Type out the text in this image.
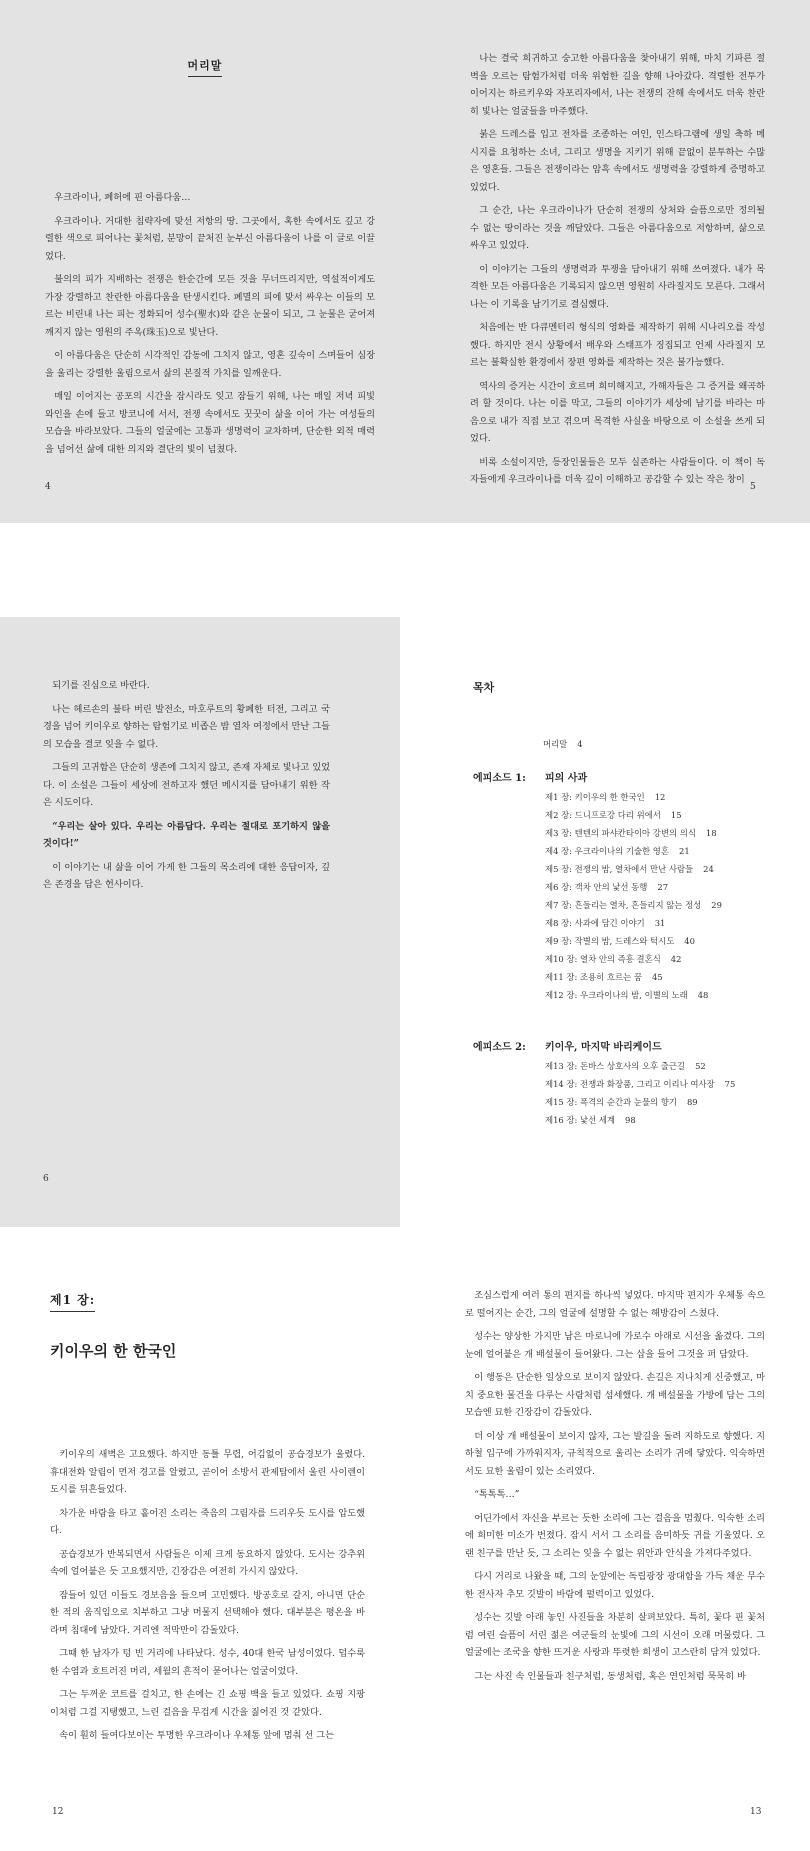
머리말

우크라이나, 폐허에 핀 아름다움…

우크라이나. 거대한 침략자에 맞선 저항의 땅. 그곳에서, 혹한 속에서도 깊고 강렬한 색으로 피어나는 꽃처럼, 분망이 끝처진 눈부신 아름다움이 나를 이 글로 이끌었다.

불의의 피가 지배하는 전쟁은 한순간에 모든 것을 무너뜨리지만, 역설적이게도 가장 강렬하고 찬란한 아름다움을 탄생시킨다. 폐멸의 피에 맞서 싸우는 이들의 모르는 비린내 나는 피는 정화되어 성수(聖水)와 같은 눈물이 되고, 그 눈물은 굳어져 깨지지 않는 영원의 주옥(珠玉)으로 빛난다.

이 아름다움은 단순히 시각적인 감동에 그치지 않고, 영혼 깊숙이 스며들어 심장을 울리는 강렬한 울림으로서 삶의 본질적 가치를 일깨운다.

매일 이어지는 공포의 시간을 잠시라도 잊고 잠들기 위해, 나는 매일 저녁 피빛 와인을 손에 들고 방코니에 서서, 전쟁 속에서도 꿋꿋이 삶을 이어 가는 여성들의 모습을 바라보았다. 그들의 얼굴에는 고통과 생명력이 교차하며, 단순한 외적 매력을 넘어선 삶에 대한 의지와 결단의 빛이 넘쳤다.

4

나는 결국 희귀하고 숭고한 아름다움을 찾아내기 위해, 마치 기파른 절벽을 오르는 탐험가처럼 더욱 위험한 길을 향해 나아갔다. 격렬한 전투가 이어지는 하르키우와 자포리자에서, 나는 전쟁의 잔해 속에서도 더욱 찬란히 빛나는 얼굴들을 마주했다.

붉은 드레스를 입고 전차를 조종하는 여인, 인스타그램에 생일 축하 메시지를 요청하는 소녀, 그리고 생명을 지키기 위해 끝없이 분투하는 수많은 영혼들. 그들은 전쟁이라는 암흑 속에서도 생명력을 강렬하게 증명하고 있었다.

그 순간, 나는 우크라이나가 단순히 전쟁의 상처와 슬픔으로만 정의될 수 없는 땅이라는 것을 깨달았다. 그들은 아름다움으로 저항하며, 삶으로 싸우고 있었다.

이 이야기는 그들의 생명력과 투쟁을 담아내기 위해 쓰여졌다. 내가 목격한 모든 아름다움은 기록되지 않으면 영원히 사라질지도 모른다. 그래서 나는 이 기록을 남기기로 결심했다.

처음에는 반 다큐멘터리 형식의 영화를 제작하기 위해 시나리오를 작성했다. 하지만 전시 상황에서 배우와 스태프가 징집되고 언제 사라질지 모르는 불확실한 환경에서 장편 영화를 제작하는 것은 불가능했다.

역사의 증거는 시간이 흐르며 희미해지고, 가해자들은 그 증거를 왜곡하려 할 것이다. 나는 이를 막고, 그들의 이야기가 세상에 남기를 바라는 마음으로 내가 직접 보고 겪으며 목격한 사실을 바탕으로 이 소설을 쓰게 되었다.

비록 소설이지만, 등장인물들은 모두 실존하는 사람들이다. 이 책이 독자들에게 우크라이나를 더욱 깊이 이해하고 공감할 수 있는 작은 창이

5

되기를 진심으로 바란다.

나는 헤르손의 불타 버린 발전소, 마호루트의 황폐한 터전, 그리고 국경을 넘어 키이우로 향하는 탐험기로 비좁은 밤 열차 여정에서 만난 그들의 모습을 결코 잊을 수 없다.

그들의 고귀함은 단순히 생존에 그치지 않고, 존재 자체로 빛나고 있었다. 이 소설은 그들이 세상에 전하고자 했던 메시지를 담아내기 위한 작은 시도이다.

“우리는 살아 있다. 우리는 아름답다. 우리는 절대로 포기하지 않을 것이다!”

이 이야기는 내 삶을 이어 가게 한 그들의 목소리에 대한 응답이자, 깊은 존경을 담은 헌사이다.

6
목차
머리말 4
에피소드 1:	피의 사과
제1 장: 키이우의 한 한국인 12
제2 장: 드니프로강 다리 위에서 15
제3 장: 텐텐의 파샤칸타이아 강변의 의식 18
제4 장: 우크라이나의 기술한 영혼 21
제5 장: 전쟁의 밤, 열차에서 만난 사람들 24
제6 장: 객차 안의 낯선 동행 27
제7 장: 흔들리는 열차, 흔들리지 않는 정성 29
제8 장: 사과에 담긴 이야기 31
제9 장: 작별의 밤, 드레스와 턱시도 40
제10 장: 열차 안의 즉흥 결혼식 42
제11 장: 조용히 흐르는 꿈 45
제12 장: 우크라이나의 밤, 이별의 노래 48
에피소드 2:	키이우, 마지막 바리케이드
제13 장: 돈바스 상호사의 오후 출근길 52
제14 장: 전쟁과 화장품, 그리고 이리나 여사장 75
제15 장: 폭격의 순간과 눈물의 향기 89
제16 장: 낯선 세계 98
제1 장:
키이우의 한 한국인

키이우의 새벽은 고요했다. 하지만 동틀 무렵, 어김없이 공습경보가 울렸다. 휴대전화 알림이 먼저 경고를 알렸고, 곧이어 소방서 관제탑에서 울린 사이렌이 도시를 뒤흔들었다.

차가운 바람을 타고 흩어진 소리는 죽음의 그림자를 드리우듯 도시를 압도했다.

공습경보가 반복되면서 사람들은 이제 크게 동요하지 않았다. 도시는 강추위 속에 얼어붙은 듯 고요했지만, 긴장감은 여전히 가시지 않았다.

잠들어 있던 이들도 경보음을 들으며 고민했다. 방공호로 갈지, 아니면 단순한 적의 움직임으로 치부하고 그냥 머물지 선택해야 했다. 대부분은 평온을 바라며 침대에 남았다. 거리엔 적막만이 감돌았다.

그때 한 남자가 텅 빈 거리에 나타났다. 성수, 40대 한국 남성이었다. 덥수룩한 수염과 흐트러진 머리, 세월의 흔적이 묻어나는 얼굴이었다.

그는 두꺼운 코트를 걸치고, 한 손에는 긴 쇼핑 백을 들고 있었다. 쇼핑 지팡이처럼 그걸 지탱했고, 느린 걸음을 무겁게 시간을 짊어진 것 같았다.

속이 훤히 들여다보이는 투명한 우크라이나 우체통 앞에 멈춰 선 그는

12

조심스럽게 여러 통의 편지를 하나씩 넣었다. 마지막 편지가 우체통 속으로 떨어지는 순간, 그의 얼굴에 설명할 수 없는 해방감이 스쳤다.

성수는 양상한 가지만 남은 마로니에 가로수 아래로 시선을 옮겼다. 그의 눈에 얼어붙은 개 배설물이 들어왔다. 그는 삽을 들어 그것을 퍼 담았다.

이 행동은 단순한 일상으로 보이지 않았다. 손길은 지나치게 신중했고, 마치 중요한 물건을 다루는 사람처럼 섬세했다. 개 배설물을 가방에 담는 그의 모습엔 묘한 긴장감이 감돌았다.

더 이상 개 배설물이 보이지 않자, 그는 발길을 돌려 지하도로 향했다. 지하철 입구에 가까워지자, 규칙적으로 울리는 소리가 귀에 닿았다. 익숙하면서도 묘한 울림이 있는 소리였다.

“톡톡톡…”

어딘가에서 자신을 부르는 듯한 소리에 그는 걸음을 멈췄다. 익숙한 소리에 희미한 미소가 번졌다. 잠시 서서 그 소리를 음미하듯 귀를 기울였다. 오랜 친구를 만난 듯, 그 소리는 잊을 수 없는 위안과 안식을 가져다주었다.

다시 거리로 나왔을 때, 그의 눈앞에는 독립광장 광대함을 가득 채운 무수한 전사자 추모 깃발이 바람에 펄럭이고 있었다.

성수는 깃발 아래 놓인 사진들을 차분히 살펴보았다. 특히, 꽃다 핀 꽃처럼 여린 슬픔이 서린 젊은 여군들의 눈빛에 그의 시선이 오래 머물렀다. 그 얼굴에는 조국을 향한 뜨거운 사랑과 뚜렷한 희생이 고스란히 담겨 있었다.

그는 사진 속 인물들과 친구처럼, 동생처럼, 혹은 연인처럼 묵묵히 바

13
